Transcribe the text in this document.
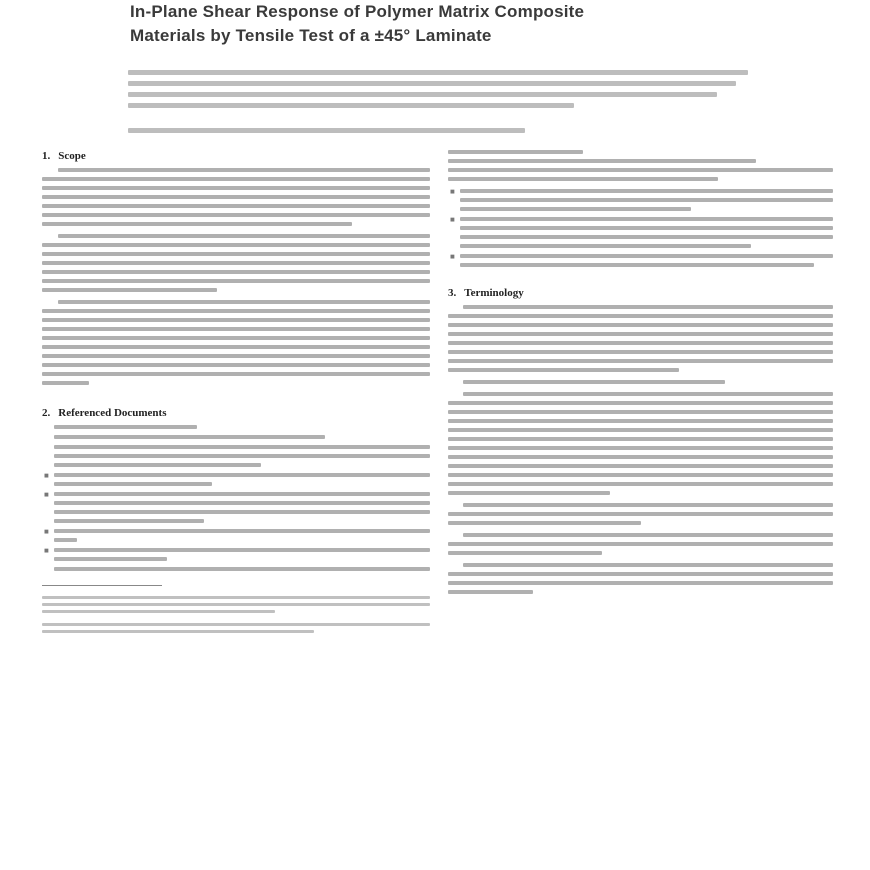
In-Plane Shear Response of Polymer Matrix Composite
Materials by Tensile Test of a ±45° Laminate
1. Scope
2. Referenced Documents
■
■
■
■
■
■
■
3. Terminology
